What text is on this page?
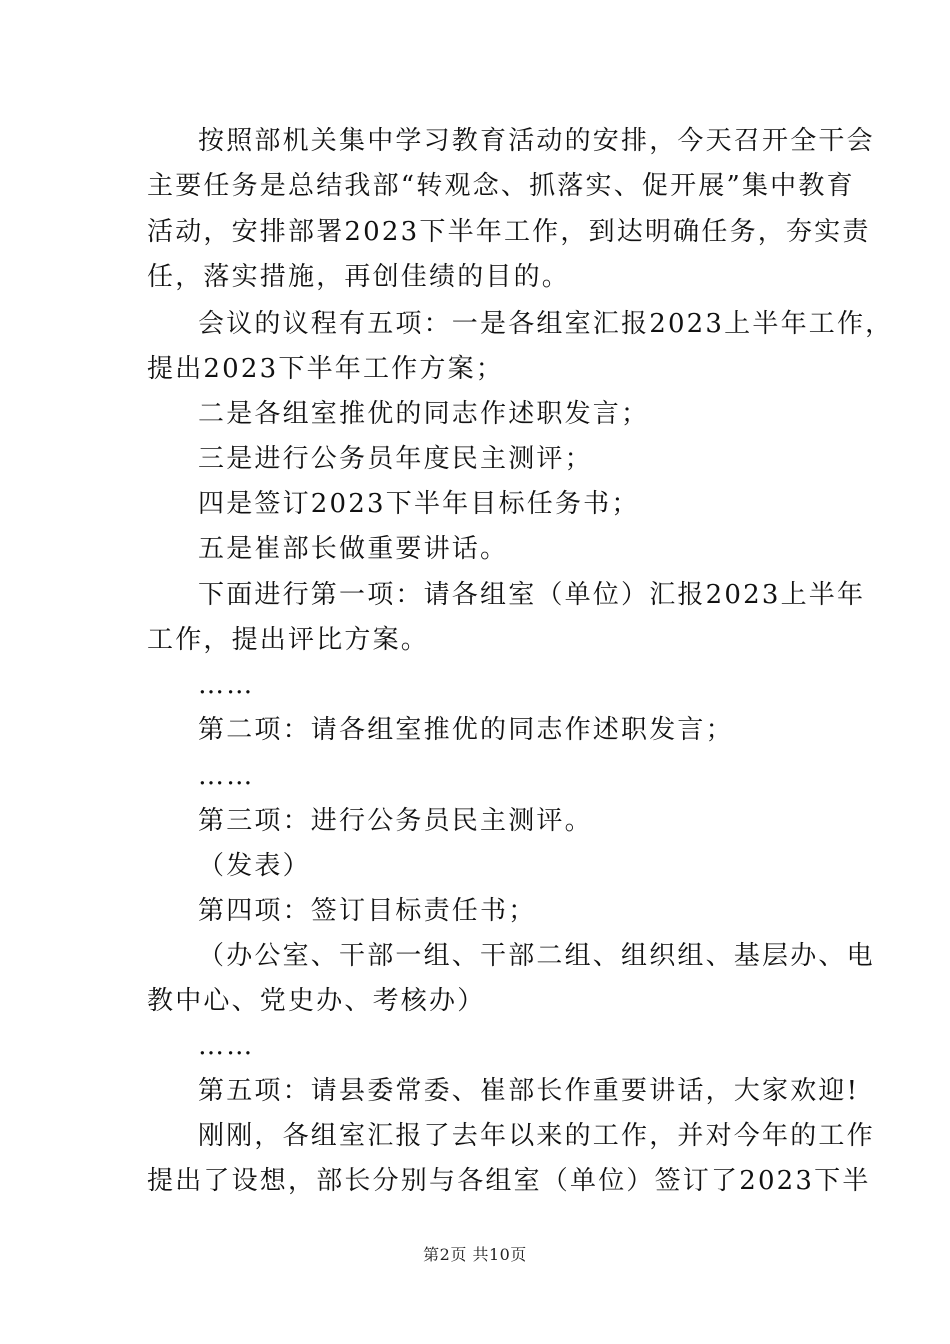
按照部机关集中学习教育活动的安排，今天召开全干会
主要任务是总结我部“转观念、抓落实、促开展”集中教育
活动，安排部署2023下半年工作，到达明确任务，夯实责
任，落实措施，再创佳绩的目的。
会议的议程有五项：一是各组室汇报2023上半年工作，
提出2023下半年工作方案；
二是各组室推优的同志作述职发言；
三是进行公务员年度民主测评；
四是签订2023下半年目标任务书；
五是崔部长做重要讲话。
下面进行第一项：请各组室（单位）汇报2023上半年
工作，提出评比方案。
……
第二项：请各组室推优的同志作述职发言；
……
第三项：进行公务员民主测评。
（发表）
第四项：签订目标责任书；
（办公室、干部一组、干部二组、组织组、基层办、电
教中心、党史办、考核办）
……
第五项：请县委常委、崔部长作重要讲话，大家欢迎!
刚刚，各组室汇报了去年以来的工作，并对今年的工作
提出了设想，部长分别与各组室（单位）签订了2023下半
第2页 共10页
